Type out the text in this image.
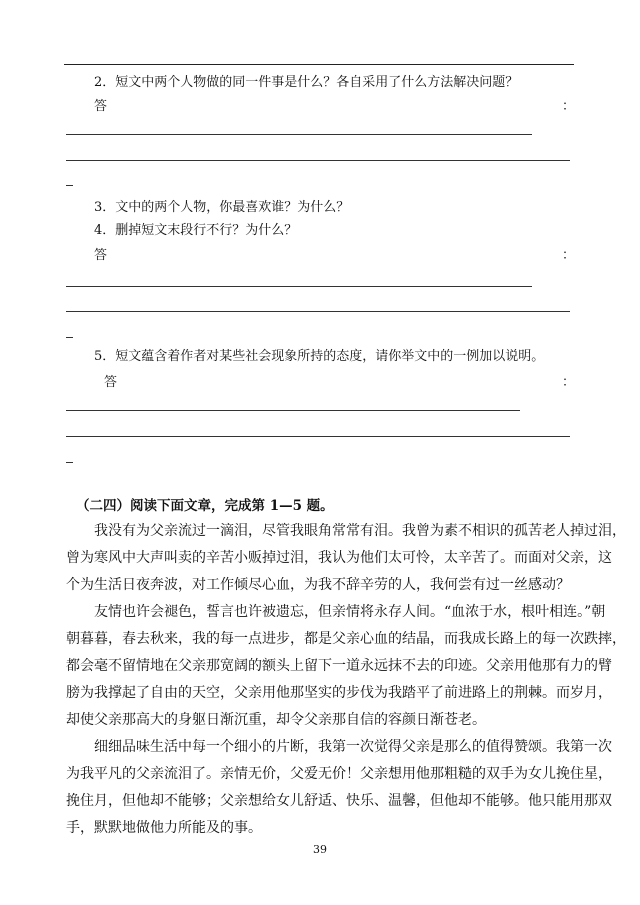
2．短文中两个人物做的同一件事是什么？各自采用了什么方法解决问题？
答	：
3．文中的两个人物，你最喜欢谁？为什么？
4．删掉短文末段行不行？为什么？
答	：
5．短文蕴含着作者对某些社会现象所持的态度，请你举文中的一例加以说明。
答	：
（二四）阅读下面文章，完成第 1—5 题。
我没有为父亲流过一滴泪，尽管我眼角常常有泪。我曾为素不相识的孤苦老人掉过泪，
曾为寒风中大声叫卖的辛苦小贩掉过泪，我认为他们太可怜，太辛苦了。而面对父亲，这
个为生活日夜奔波，对工作倾尽心血，为我不辞辛劳的人，我何尝有过一丝感动？
友情也许会褪色，誓言也许被遗忘，但亲情将永存人间。“血浓于水，根叶相连。”朝
朝暮暮，春去秋来，我的每一点进步，都是父亲心血的结晶，而我成长路上的每一次跌摔，
都会毫不留情地在父亲那宽阔的额头上留下一道永远抹不去的印迹。父亲用他那有力的臂
膀为我撑起了自由的天空，父亲用他那坚实的步伐为我踏平了前进路上的荆棘。而岁月，
却使父亲那高大的身躯日渐沉重，却令父亲那自信的容颜日渐苍老。
细细品味生活中每一个细小的片断，我第一次觉得父亲是那么的值得赞颂。我第一次
为我平凡的父亲流泪了。亲情无价，父爱无价！父亲想用他那粗糙的双手为女儿挽住星，
挽住月，但他却不能够；父亲想给女儿舒适、快乐、温馨，但他却不能够。他只能用那双
手，默默地做他力所能及的事。
39
